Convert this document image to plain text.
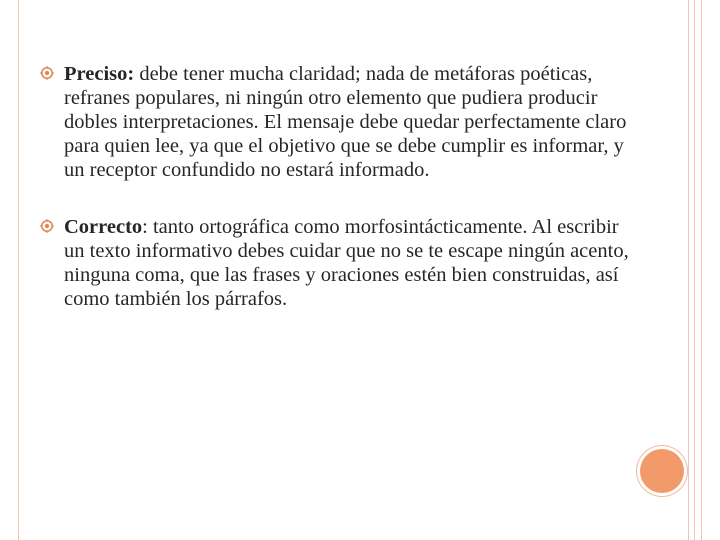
Preciso: debe tener mucha claridad; nada de metáforas poéticas, refranes populares, ni ningún otro elemento que pudiera producir dobles interpretaciones. El mensaje debe quedar perfectamente claro para quien lee, ya que el objetivo que se debe cumplir es informar, y un receptor confundido no estará informado.
Correcto: tanto ortográfica como morfosintácticamente. Al escribir un texto informativo debes cuidar que no se te escape ningún acento, ninguna coma, que las frases y oraciones estén bien construidas, así como también los párrafos.
